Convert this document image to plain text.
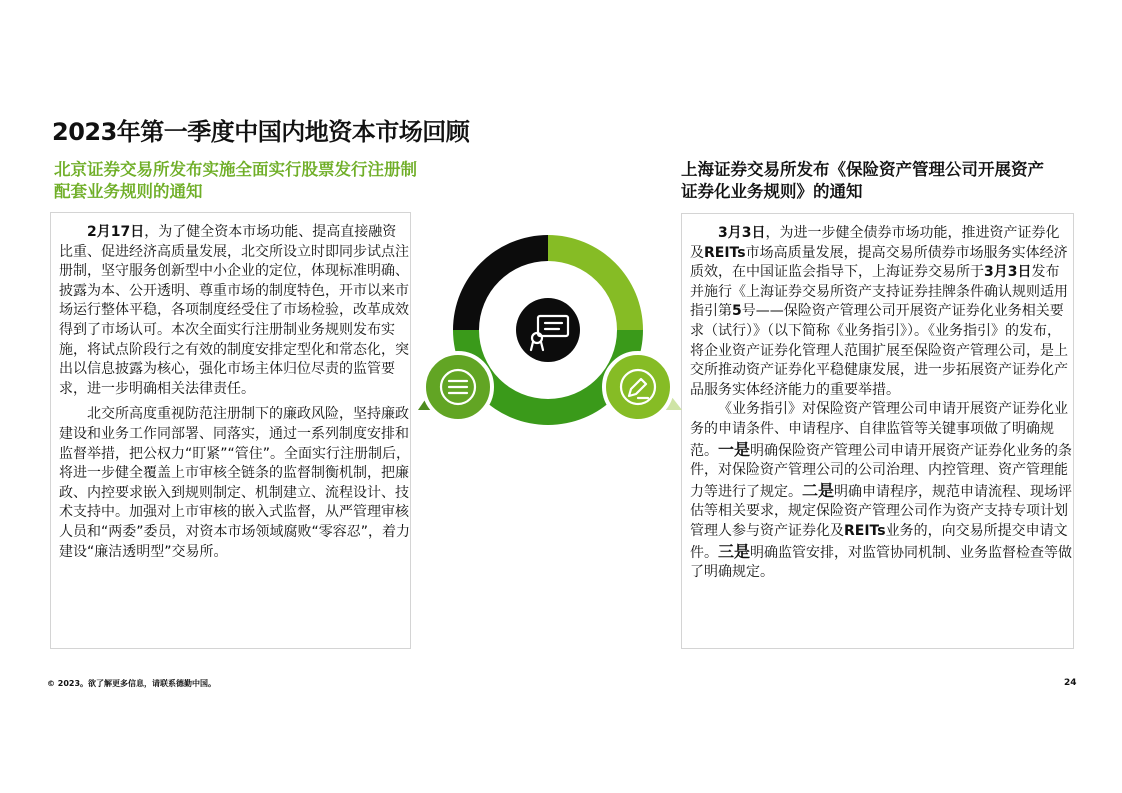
2023年第一季度中国内地资本市场回顾
北京证券交易所发布实施全面实行股票发行注册制配套业务规则的通知
上海证券交易所发布《保险资产管理公司开展资产证券化业务规则》的通知

2月17日，为了健全资本市场功能、提高直接融资比重、促进经济高质量发展，北交所设立时即同步试点注册制，坚守服务创新型中小企业的定位，体现标准明确、披露为本、公开透明、尊重市场的制度特色，开市以来市场运行整体平稳，各项制度经受住了市场检验，改革成效得到了市场认可。本次全面实行注册制业务规则发布实施，将试点阶段行之有效的制度安排定型化和常态化，突出以信息披露为核心，强化市场主体归位尽责的监管要求，进一步明确相关法律责任。

北交所高度重视防范注册制下的廉政风险，坚持廉政建设和业务工作同部署、同落实，通过一系列制度安排和监督举措，把公权力“盯紧”“管住”。全面实行注册制后，将进一步健全覆盖上市审核全链条的监督制衡机制，把廉政、内控要求嵌入到规则制定、机制建立、流程设计、技术支持中。加强对上市审核的嵌入式监督，从严管理审核人员和“两委”委员，对资本市场领域腐败“零容忍”，着力建设“廉洁透明型”交易所。

3月3日，为进一步健全债券市场功能，推进资产证券化及REITs市场高质量发展，提高交易所债券市场服务实体经济质效，在中国证监会指导下，上海证券交易所于3月3日发布并施行《上海证券交易所资产支持证券挂牌条件确认规则适用指引第5号——保险资产管理公司开展资产证券化业务相关要求（试行）》（以下简称《业务指引》）。《业务指引》的发布，将企业资产证券化管理人范围扩展至保险资产管理公司，是上交所推动资产证券化平稳健康发展，进一步拓展资产证券化产品服务实体经济能力的重要举措。

《业务指引》对保险资产管理公司申请开展资产证券化业务的申请条件、申请程序、自律监管等关键事项做了明确规范。一是明确保险资产管理公司申请开展资产证券化业务的条件，对保险资产管理公司的公司治理、内控管理、资产管理能力等进行了规定。二是明确申请程序，规范申请流程、现场评估等相关要求，规定保险资产管理公司作为资产支持专项计划管理人参与资产证券化及REITs业务的，向交易所提交申请文件。三是明确监管安排，对监管协同机制、业务监督检查等做了明确规定。

© 2023。欲了解更多信息，请联系德勤中国。	24
